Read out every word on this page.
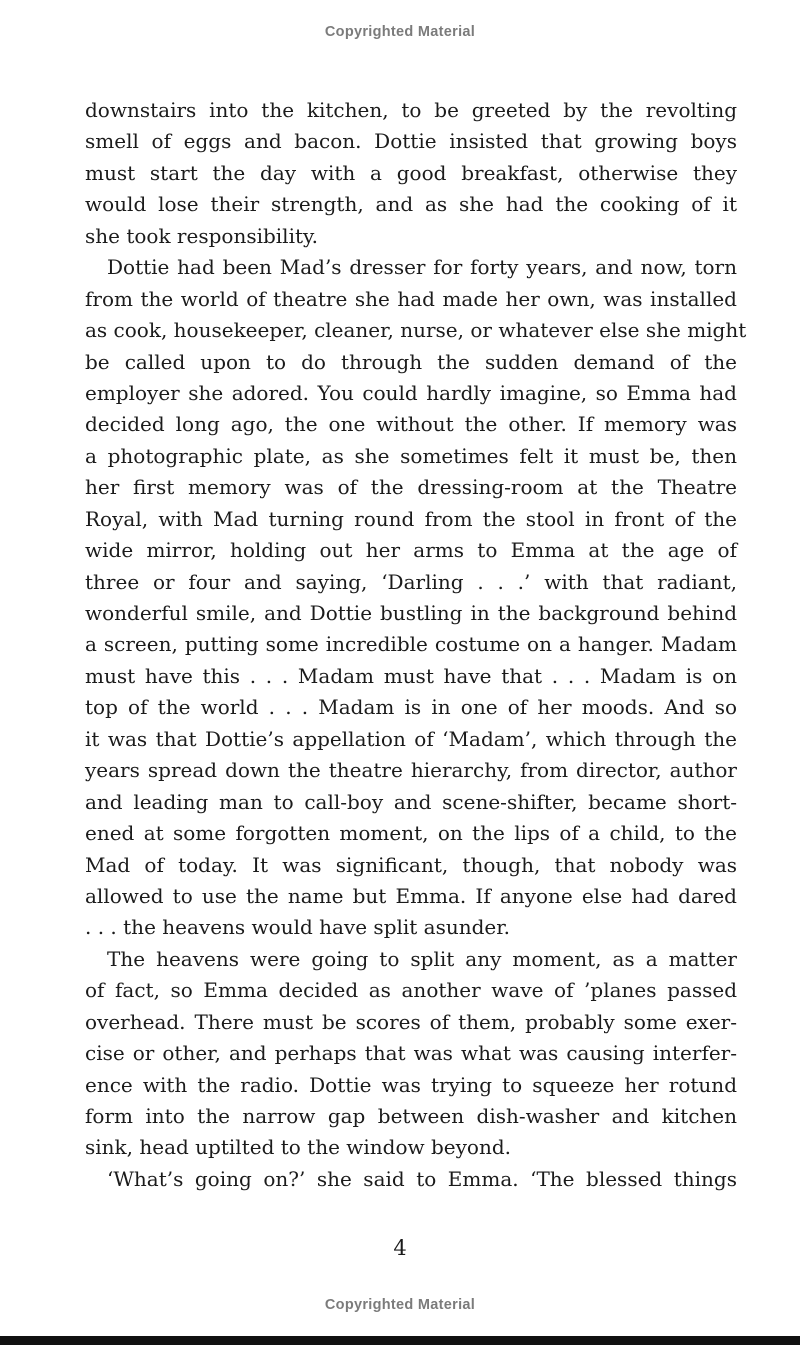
Copyrighted Material
downstairs into the kitchen, to be greeted by the revolting
smell of eggs and bacon. Dottie insisted that growing boys
must start the day with a good breakfast, otherwise they
would lose their strength, and as she had the cooking of it
she took responsibility.
Dottie had been Mad’s dresser for forty years, and now, torn
from the world of theatre she had made her own, was installed
as cook, housekeeper, cleaner, nurse, or whatever else she might
be called upon to do through the sudden demand of the
employer she adored. You could hardly imagine, so Emma had
decided long ago, the one without the other. If memory was
a photographic plate, as she sometimes felt it must be, then
her first memory was of the dressing-room at the Theatre
Royal, with Mad turning round from the stool in front of the
wide mirror, holding out her arms to Emma at the age of
three or four and saying, ‘Darling . . .’ with that radiant,
wonderful smile, and Dottie bustling in the background behind
a screen, putting some incredible costume on a hanger. Madam
must have this . . . Madam must have that . . . Madam is on
top of the world . . . Madam is in one of her moods. And so
it was that Dottie’s appellation of ‘Madam’, which through the
years spread down the theatre hierarchy, from director, author
and leading man to call-boy and scene-shifter, became short-
ened at some forgotten moment, on the lips of a child, to the
Mad of today. It was significant, though, that nobody was
allowed to use the name but Emma. If anyone else had dared
. . . the heavens would have split asunder.
The heavens were going to split any moment, as a matter
of fact, so Emma decided as another wave of ’planes passed
overhead. There must be scores of them, probably some exer-
cise or other, and perhaps that was what was causing interfer-
ence with the radio. Dottie was trying to squeeze her rotund
form into the narrow gap between dish-washer and kitchen
sink, head uptilted to the window beyond.
‘What’s going on?’ she said to Emma. ‘The blessed things
4
Copyrighted Material
